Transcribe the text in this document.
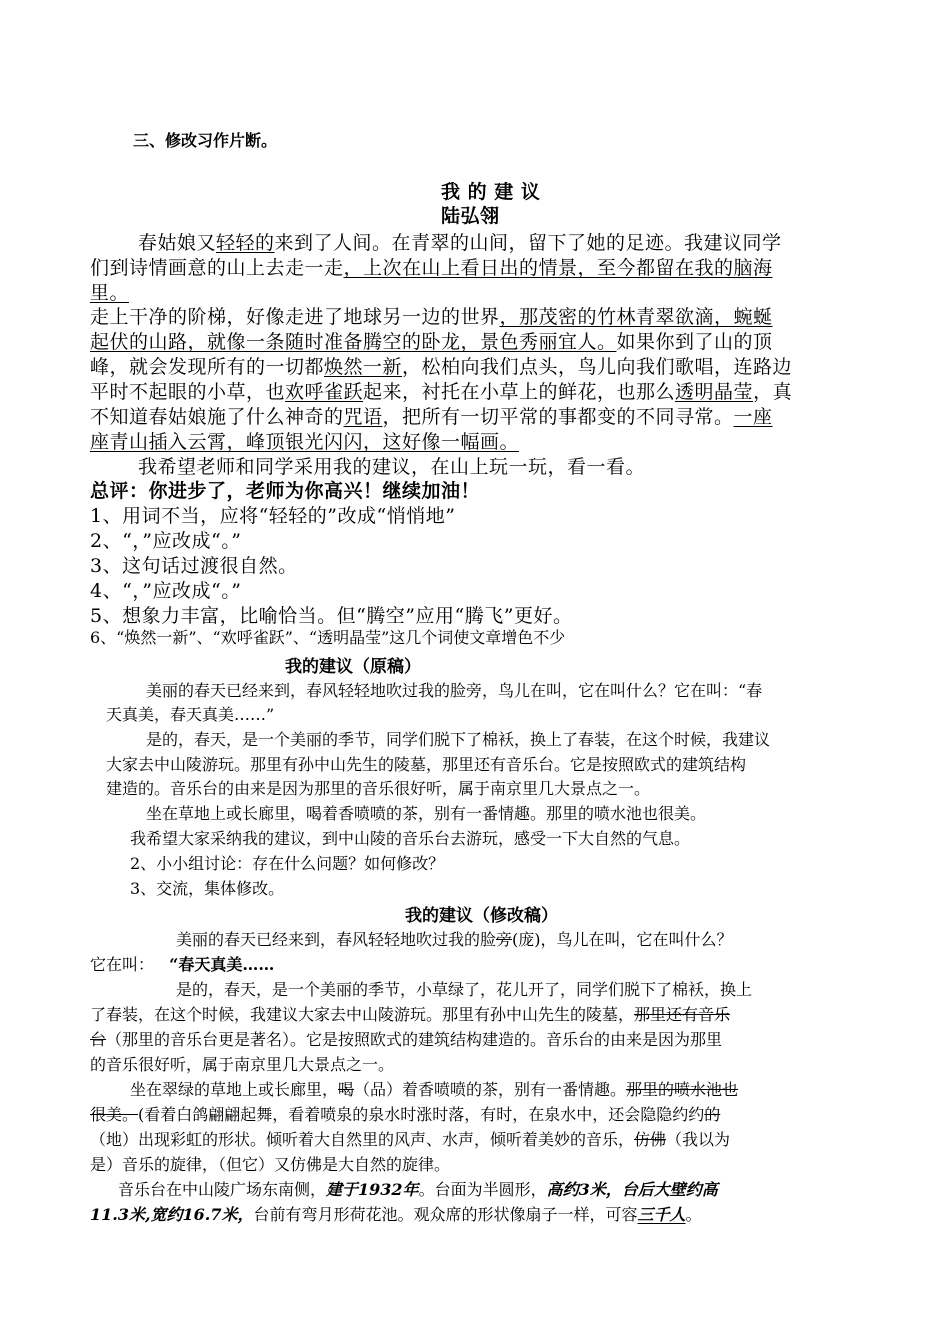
三、修改习作片断。
我 的 建 议
陆弘翎
春姑娘又轻轻的来到了人间。在青翠的山间，留下了她的足迹。我建议同学
们到诗情画意的山上去走一走，上次在山上看日出的情景，至今都留在我的脑海
里。
走上干净的阶梯，好像走进了地球另一边的世界，那茂密的竹林青翠欲滴，蜿蜒
起伏的山路，就像一条随时准备腾空的卧龙，景色秀丽宜人。如果你到了山的顶
峰，就会发现所有的一切都焕然一新，松柏向我们点头，鸟儿向我们歌唱，连路边
平时不起眼的小草，也欢呼雀跃起来，衬托在小草上的鲜花，也那么透明晶莹，真
不知道春姑娘施了什么神奇的咒语，把所有一切平常的事都变的不同寻常。一座
座青山插入云霄，峰顶银光闪闪，这好像一幅画。
我希望老师和同学采用我的建议，在山上玩一玩，看一看。
总评：你进步了，老师为你高兴！继续加油！
1、用词不当，应将“轻轻的”改成“悄悄地”
2、“，”应改成“。”
3、这句话过渡很自然。
4、“，”应改成“。”
5、想象力丰富，比喻恰当。但“腾空”应用“腾飞”更好。
6、“焕然一新”、“欢呼雀跃”、“透明晶莹”这几个词使文章增色不少
我的建议（原稿）
美丽的春天已经来到，春风轻轻地吹过我的脸旁，鸟儿在叫，它在叫什么？它在叫：“春
天真美，春天真美……”
是的，春天，是一个美丽的季节，同学们脱下了棉袄，换上了春装，在这个时候，我建议
大家去中山陵游玩。那里有孙中山先生的陵墓，那里还有音乐台。它是按照欧式的建筑结构
建造的。音乐台的由来是因为那里的音乐很好听，属于南京里几大景点之一。
坐在草地上或长廊里，喝着香喷喷的茶，别有一番情趣。那里的喷水池也很美。
我希望大家采纳我的建议，到中山陵的音乐台去游玩，感受一下大自然的气息。
2、小小组讨论：存在什么问题？如何修改？
3、交流，集体修改。
我的建议（修改稿）
美丽的春天已经来到，春风轻轻地吹过我的脸旁(庞)，鸟儿在叫，它在叫什么？
它在叫： “春天真美……
是的，春天，是一个美丽的季节，小草绿了，花儿开了，同学们脱下了棉袄，换上
了春装，在这个时候，我建议大家去中山陵游玩。那里有孙中山先生的陵墓，那里还有音乐
台（那里的音乐台更是著名）。它是按照欧式的建筑结构建造的。音乐台的由来是因为那里
的音乐很好听，属于南京里几大景点之一。
坐在翠绿的草地上或长廊里，喝（品）着香喷喷的茶，别有一番情趣。那里的喷水池也
很美。(看着白鸽翩翩起舞，看着喷泉的泉水时涨时落，有时，在泉水中，还会隐隐约约的
（地）出现彩虹的形状。倾听着大自然里的风声、水声，倾听着美妙的音乐，仿佛（我以为
是）音乐的旋律，（但它）又仿佛是大自然的旋律。
音乐台在中山陵广场东南侧，建于1932年。台面为半圆形，高约3米，台后大壁约高
11.3米,宽约16.7米，台前有弯月形荷花池。观众席的形状像扇子一样，可容三千人。
